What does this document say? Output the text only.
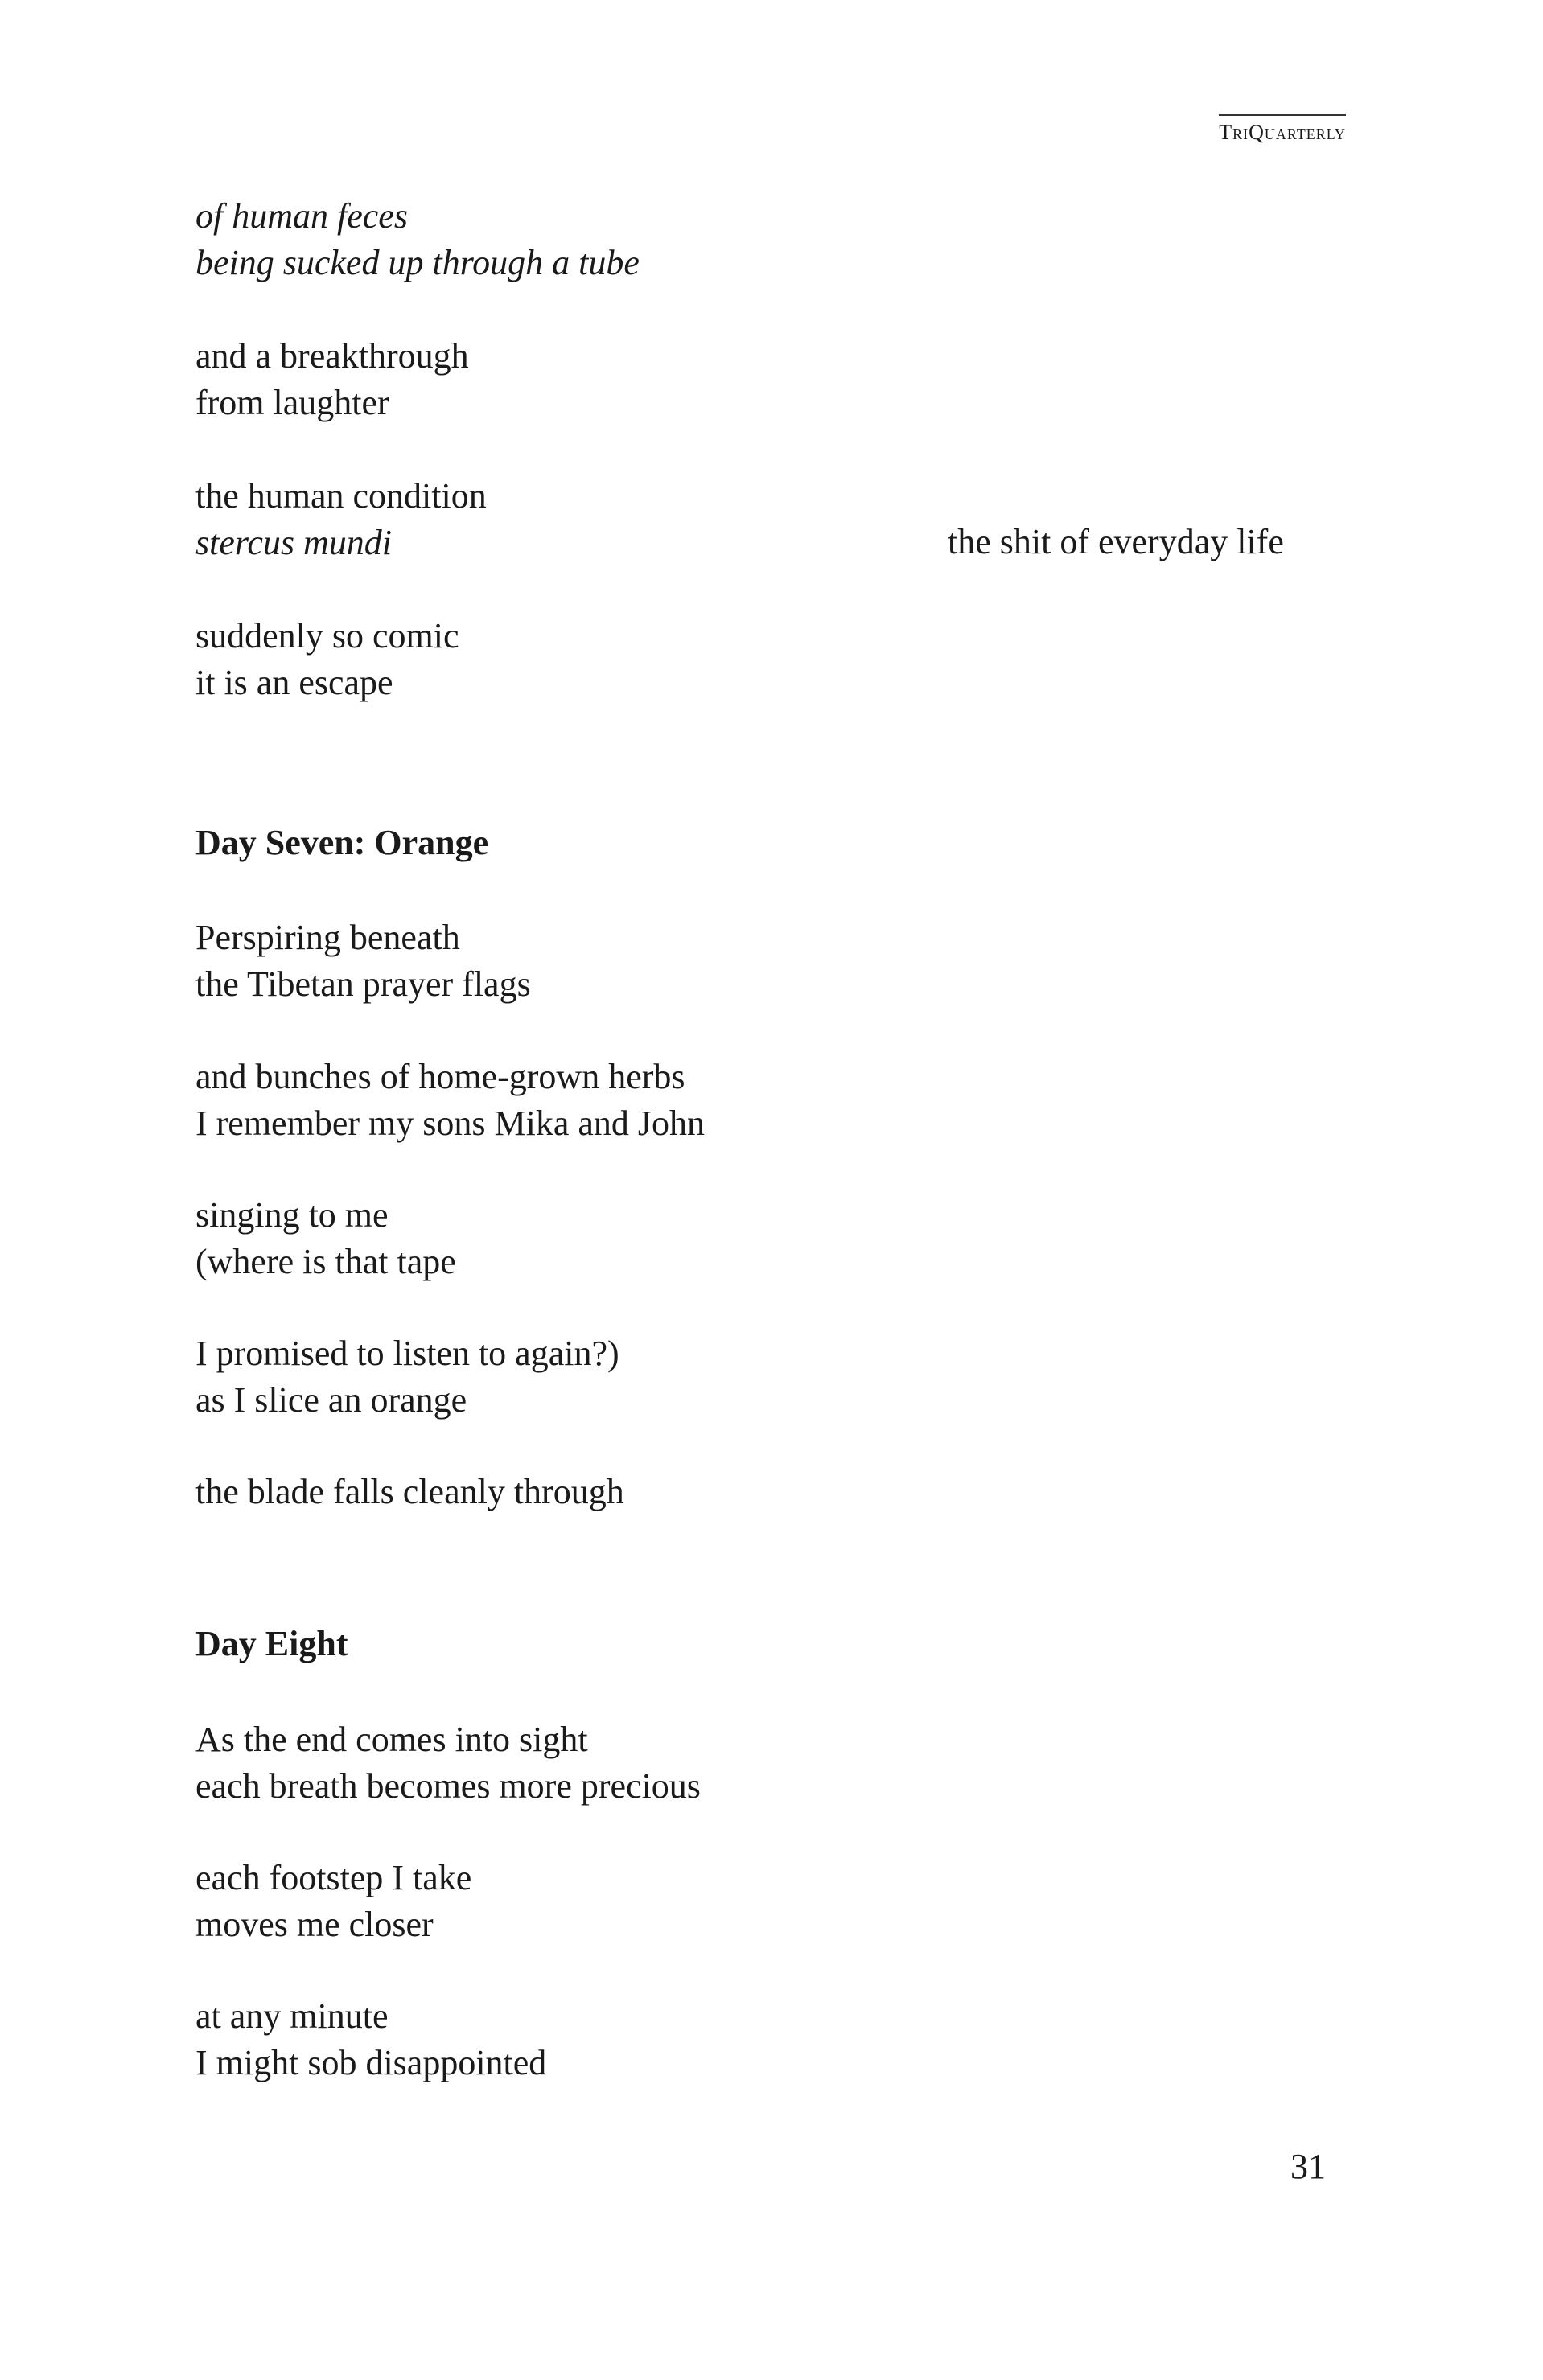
TriQuarterly
of human feces
being sucked up through a tube
and a breakthrough
from laughter
the human condition
stercus mundi	the shit of everyday life
suddenly so comic
it is an escape
Day Seven: Orange
Perspiring beneath
the Tibetan prayer flags
and bunches of home-grown herbs
I remember my sons Mika and John
singing to me
(where is that tape
I promised to listen to again?)
as I slice an orange
the blade falls cleanly through
Day Eight
As the end comes into sight
each breath becomes more precious
each footstep I take
moves me closer
at any minute
I might sob disappointed
31
